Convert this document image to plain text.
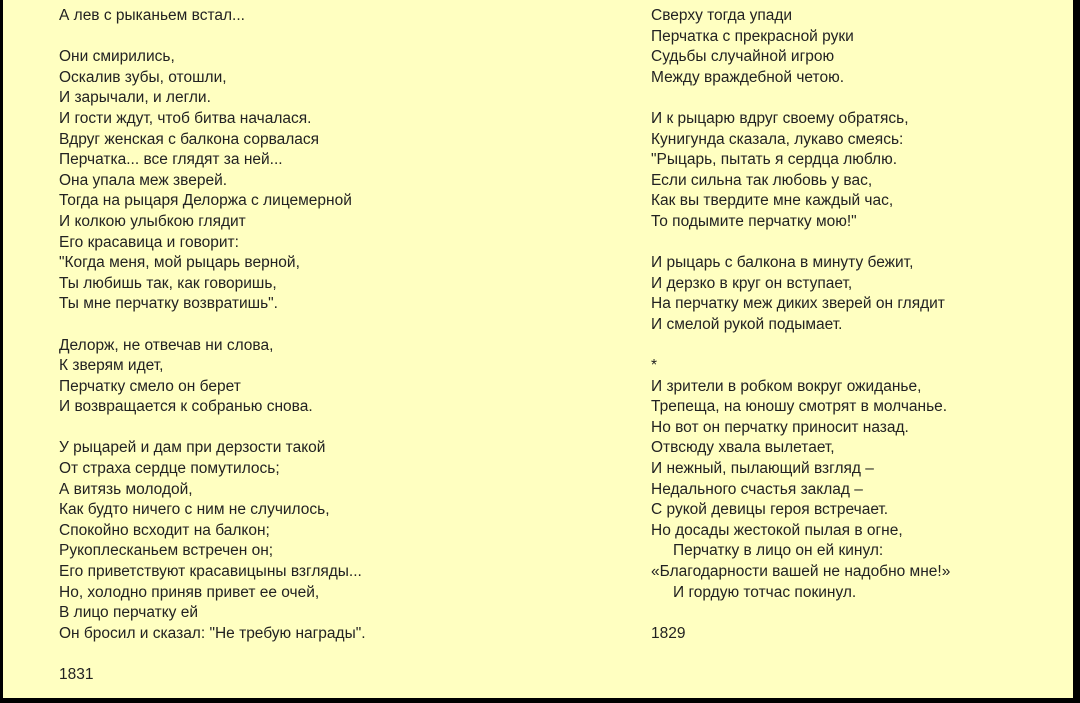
А лев с рыканьем встал...
Они смирились,
Оскалив зубы, отошли,
И зарычали, и легли.
И гости ждут, чтоб битва началася.
Вдруг женская с балкона сорвалася
Перчатка... все глядят за ней...
Она упала меж зверей.
Тогда на рыцаря Делоржа с лицемерной
И колкою улыбкою глядит
Его красавица и говорит:
"Когда меня, мой рыцарь верной,
Ты любишь так, как говоришь,
Ты мне перчатку возвратишь".
Делорж, не отвечав ни слова,
К зверям идет,
Перчатку смело он берет
И возвращается к собранью снова.
У рыцарей и дам при дерзости такой
От страха сердце помутилось;
А витязь молодой,
Как будто ничего с ним не случилось,
Спокойно всходит на балкон;
Рукоплесканьем встречен он;
Его приветствуют красавицыны взгляды...
Но, холодно приняв привет ее очей,
В лицо перчатку ей
Он бросил и сказал: "Не требую награды".
1831
Сверху тогда упади
Перчатка с прекрасной руки
Судьбы случайной игрою
Между враждебной четою.
И к рыцарю вдруг своему обратясь,
Кунигунда сказала, лукаво смеясь:
"Рыцарь, пытать я сердца люблю.
Если сильна так любовь у вас,
Как вы твердите мне каждый час,
То подымите перчатку мою!"
И рыцарь с балкона в минуту бежит,
И дерзко в круг он вступает,
На перчатку меж диких зверей он глядит
И смелой рукой подымает.
*
И зрители в робком вокруг ожиданье,
Трепеща, на юношу смотрят в молчанье.
Но вот он перчатку приносит назад.
Отвсюду хвала вылетает,
И нежный, пылающий взгляд –
Недального счастья заклад –
С рукой девицы героя встречает.
Но досады жестокой пылая в огне,
Перчатку в лицо он ей кинул:
«Благодарности вашей не надобно мне!»
И гордую тотчас покинул.
1829
